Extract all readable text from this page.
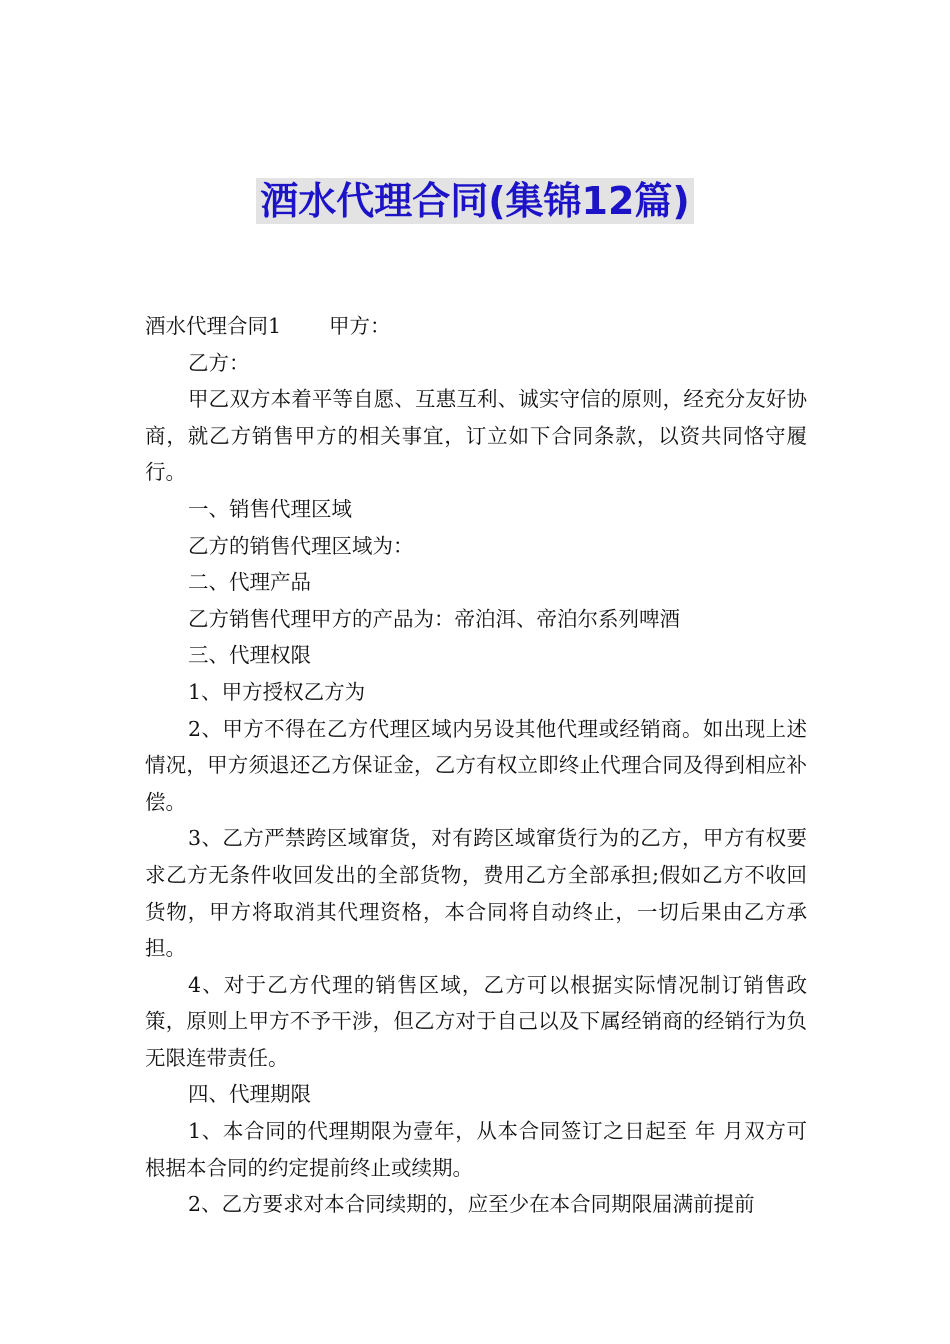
酒水代理合同(集锦12篇)

酒水代理合同1 甲方：

乙方：

甲乙双方本着平等自愿、互惠互利、诚实守信的原则，经充分友好协商，就乙方销售甲方的相关事宜，订立如下合同条款，以资共同恪守履行。

一、销售代理区域

乙方的销售代理区域为：

二、代理产品

乙方销售代理甲方的产品为：帝泊洱、帝泊尔系列啤酒

三、代理权限

1、甲方授权乙方为

2、甲方不得在乙方代理区域内另设其他代理或经销商。如出现上述情况，甲方须退还乙方保证金，乙方有权立即终止代理合同及得到相应补偿。

3、乙方严禁跨区域窜货，对有跨区域窜货行为的乙方，甲方有权要求乙方无条件收回发出的全部货物，费用乙方全部承担;假如乙方不收回货物，甲方将取消其代理资格，本合同将自动终止，一切后果由乙方承担。

4、对于乙方代理的销售区域，乙方可以根据实际情况制订销售政策，原则上甲方不予干涉，但乙方对于自己以及下属经销商的经销行为负无限连带责任。

四、代理期限

1、本合同的代理期限为壹年，从本合同签订之日起至 年 月双方可根据本合同的约定提前终止或续期。

2、乙方要求对本合同续期的，应至少在本合同期限届满前提前
